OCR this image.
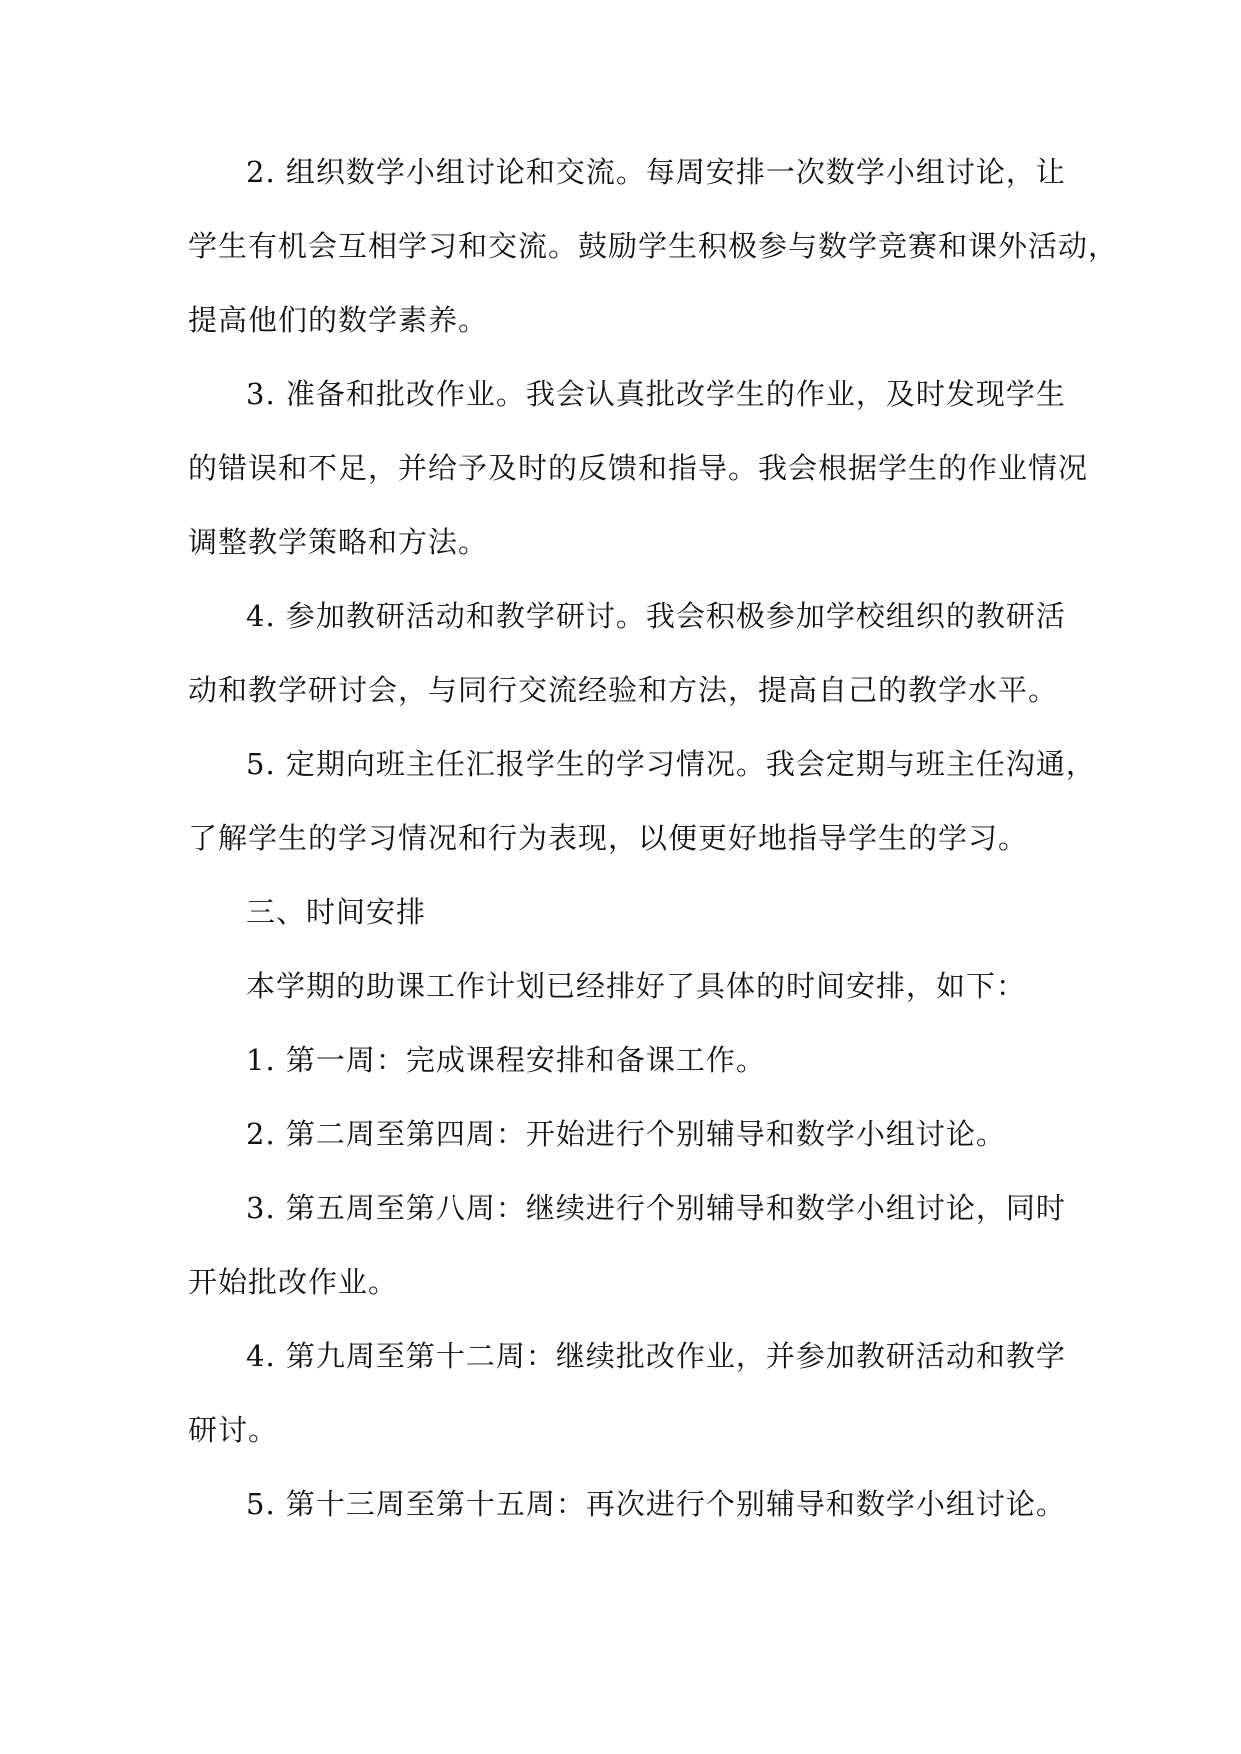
2. 组织数学小组讨论和交流。每周安排一次数学小组讨论，让
学生有机会互相学习和交流。鼓励学生积极参与数学竞赛和课外活动，
提高他们的数学素养。
3. 准备和批改作业。我会认真批改学生的作业，及时发现学生
的错误和不足，并给予及时的反馈和指导。我会根据学生的作业情况
调整教学策略和方法。
4. 参加教研活动和教学研讨。我会积极参加学校组织的教研活
动和教学研讨会，与同行交流经验和方法，提高自己的教学水平。
5. 定期向班主任汇报学生的学习情况。我会定期与班主任沟通，
了解学生的学习情况和行为表现，以便更好地指导学生的学习。
三、时间安排
本学期的助课工作计划已经排好了具体的时间安排，如下：
1. 第一周：完成课程安排和备课工作。
2. 第二周至第四周：开始进行个别辅导和数学小组讨论。
3. 第五周至第八周：继续进行个别辅导和数学小组讨论，同时
开始批改作业。
4. 第九周至第十二周：继续批改作业，并参加教研活动和教学
研讨。
5. 第十三周至第十五周：再次进行个别辅导和数学小组讨论。
